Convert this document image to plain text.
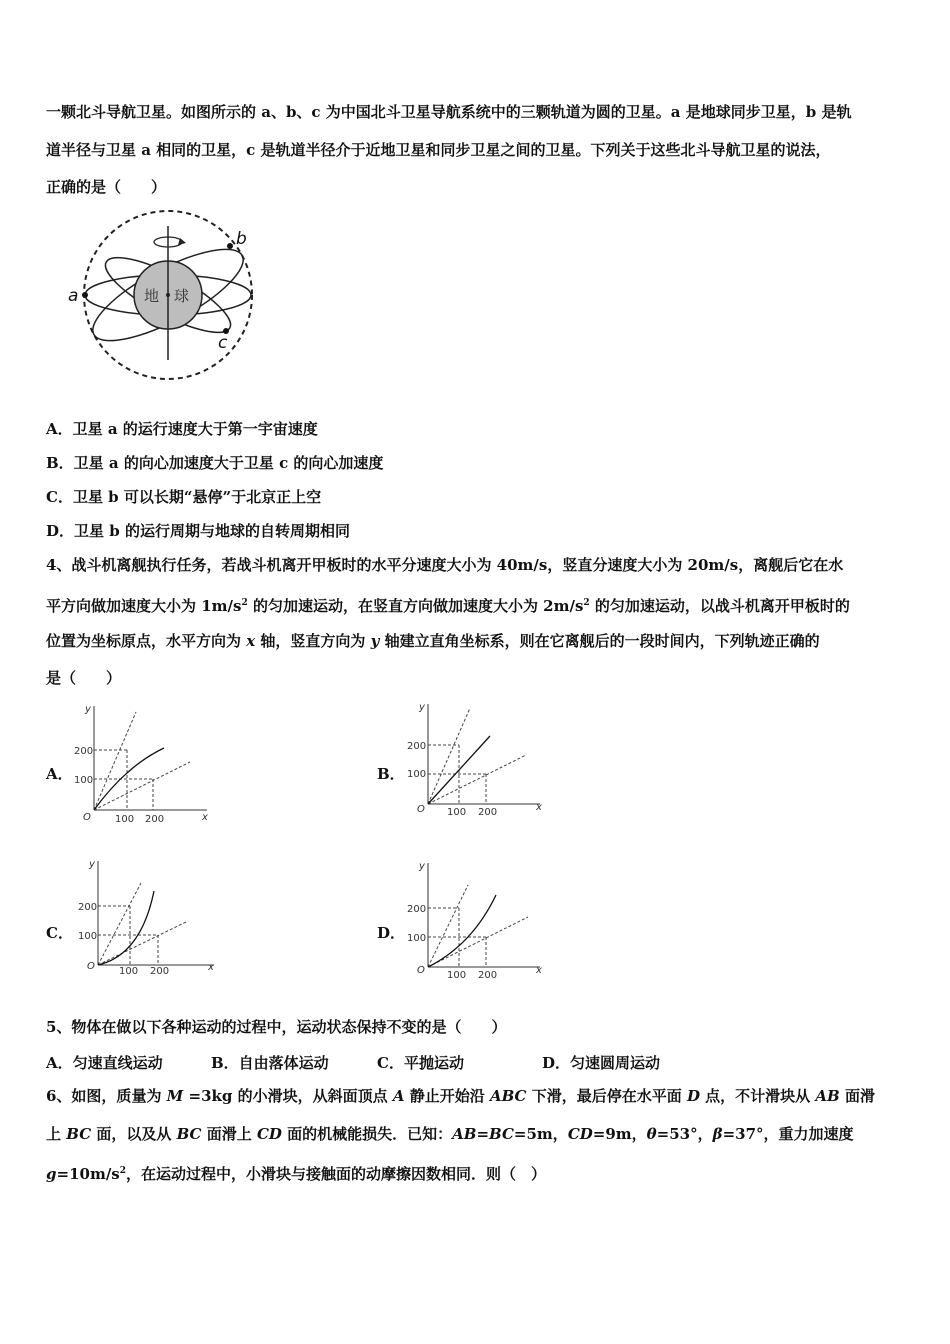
一颗北斗导航卫星。如图所示的 a、b、c 为中国北斗卫星导航系统中的三颗轨道为圆的卫星。a 是地球同步卫星，b 是轨
道半径与卫星 a 相同的卫星，c 是轨道半径介于近地卫星和同步卫星之间的卫星。下列关于这些北斗导航卫星的说法，
正确的是（　　）
地 球
a
b
c
A．卫星 a 的运行速度大于第一宇宙速度
B．卫星 a 的向心加速度大于卫星 c 的向心加速度
C．卫星 b 可以长期“悬停”于北京正上空
D．卫星 b 的运行周期与地球的自转周期相同
4、战斗机离舰执行任务，若战斗机离开甲板时的水平分速度大小为 40m/s，竖直分速度大小为 20m/s，离舰后它在水
平方向做加速度大小为 $1m/s^2$ 的匀加速运动，在竖直方向做加速度大小为 $2m/s^2$ 的匀加速运动，以战斗机离开甲板时的
位置为坐标原点，水平方向为 x 轴，竖直方向为 y 轴建立直角坐标系，则在它离舰后的一段时间内，下列轨迹正确的
是（　　）
A．	B．
C．	D．
y
x
O
200
100
100 200
y
x
O
200
100
100 200
y
x
O
200
100
100 200
y
x
O
200
100
100 200
5、物体在做以下各种运动的过程中，运动状态保持不变的是（　　）
A．匀速直线运动	B．自由落体运动	C．平抛运动	D．匀速圆周运动
6、如图，质量为 M =3kg 的小滑块，从斜面顶点 A 静止开始沿 ABC 下滑，最后停在水平面 D 点，不计滑块从 AB 面滑
上 BC 面，以及从 BC 面滑上 CD 面的机械能损失．已知：AB=BC=5m，CD=9m，θ=53°，β=37°，重力加速度
$g=10m/s^2$，在运动过程中，小滑块与接触面的动摩擦因数相同．则（　）
